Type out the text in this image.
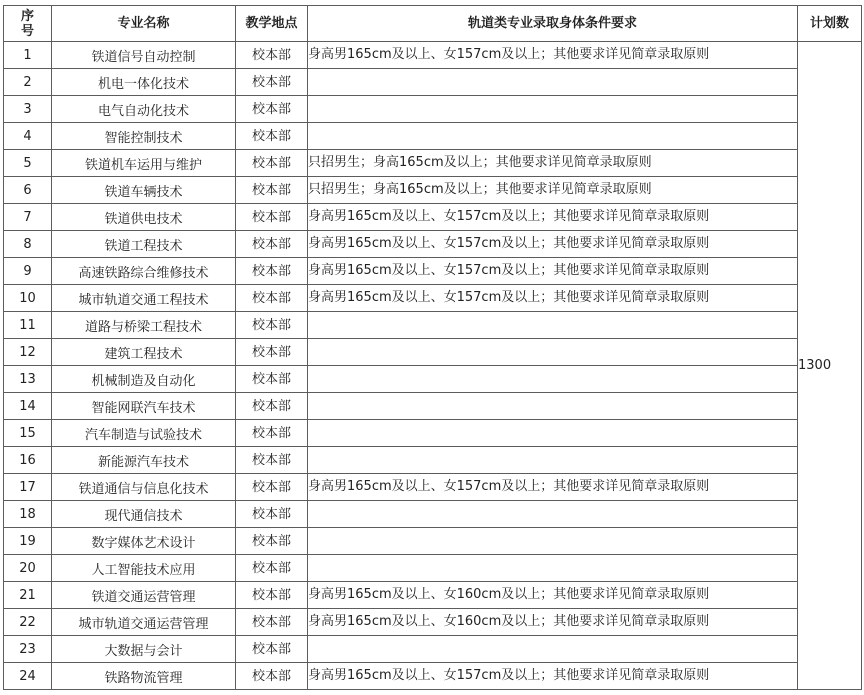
序号	专业名称	教学地点	轨道类专业录取身体条件要求	计划数
1	铁道信号自动控制	校本部	身高男165cm及以上、女157cm及以上；其他要求详见简章录取原则	1300
2	机电一体化技术	校本部		
3	电气自动化技术	校本部		
4	智能控制技术	校本部		
5	铁道机车运用与维护	校本部	只招男生；身高165cm及以上；其他要求详见简章录取原则	
6	铁道车辆技术	校本部	只招男生；身高165cm及以上；其他要求详见简章录取原则	
7	铁道供电技术	校本部	身高男165cm及以上、女157cm及以上；其他要求详见简章录取原则	
8	铁道工程技术	校本部	身高男165cm及以上、女157cm及以上；其他要求详见简章录取原则	
9	高速铁路综合维修技术	校本部	身高男165cm及以上、女157cm及以上；其他要求详见简章录取原则	
10	城市轨道交通工程技术	校本部	身高男165cm及以上、女157cm及以上；其他要求详见简章录取原则	
11	道路与桥梁工程技术	校本部		
12	建筑工程技术	校本部		
13	机械制造及自动化	校本部		
14	智能网联汽车技术	校本部		
15	汽车制造与试验技术	校本部		
16	新能源汽车技术	校本部		
17	铁道通信与信息化技术	校本部	身高男165cm及以上、女157cm及以上；其他要求详见简章录取原则	
18	现代通信技术	校本部		
19	数字媒体艺术设计	校本部		
20	人工智能技术应用	校本部		
21	铁道交通运营管理	校本部	身高男165cm及以上、女160cm及以上；其他要求详见简章录取原则	
22	城市轨道交通运营管理	校本部	身高男165cm及以上、女160cm及以上；其他要求详见简章录取原则	
23	大数据与会计	校本部		
24	铁路物流管理	校本部	身高男165cm及以上、女157cm及以上；其他要求详见简章录取原则	
